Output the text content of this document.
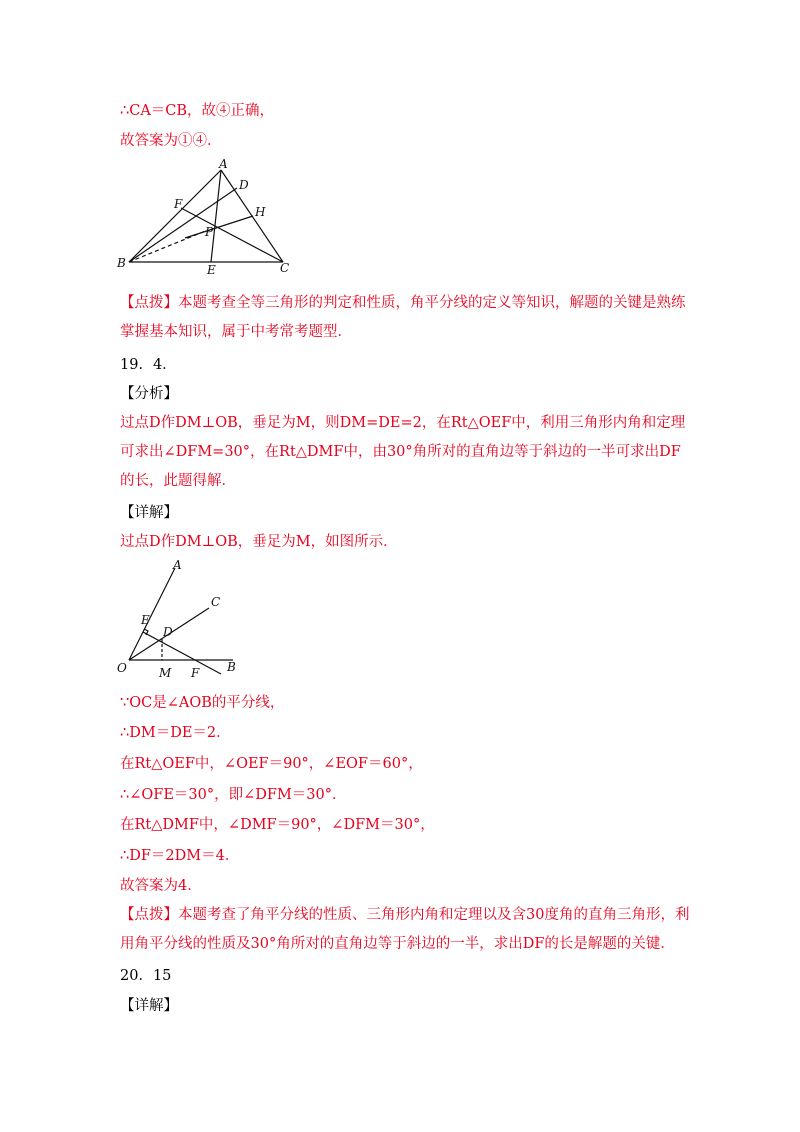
∴CA＝CB，故④正确，
故答案为①④．
A
D
F
H
P
B	E	C
【点拨】本题考查全等三角形的判定和性质，角平分线的定义等知识，解题的关键是熟练掌握基本知识，属于中考常考题型．
19．4．
【分析】
过点D作DM⊥OB，垂足为M，则DM=DE=2，在Rt△OEF中，利用三角形内角和定理可求出∠DFM=30°，在Rt△DMF中，由30°角所对的直角边等于斜边的一半可求出DF的长，此题得解．
【详解】
过点D作DM⊥OB，垂足为M，如图所示．
A
C
E
D
O	M F B
∵OC是∠AOB的平分线，
∴DM＝DE＝2．
在Rt△OEF中，∠OEF＝90°，∠EOF＝60°，
∴∠OFE＝30°，即∠DFM＝30°．
在Rt△DMF中，∠DMF＝90°，∠DFM＝30°，
∴DF＝2DM＝4．
故答案为4．
【点拨】本题考查了角平分线的性质、三角形内角和定理以及含30度角的直角三角形，利用角平分线的性质及30°角所对的直角边等于斜边的一半，求出DF的长是解题的关键．
20．15
【详解】
